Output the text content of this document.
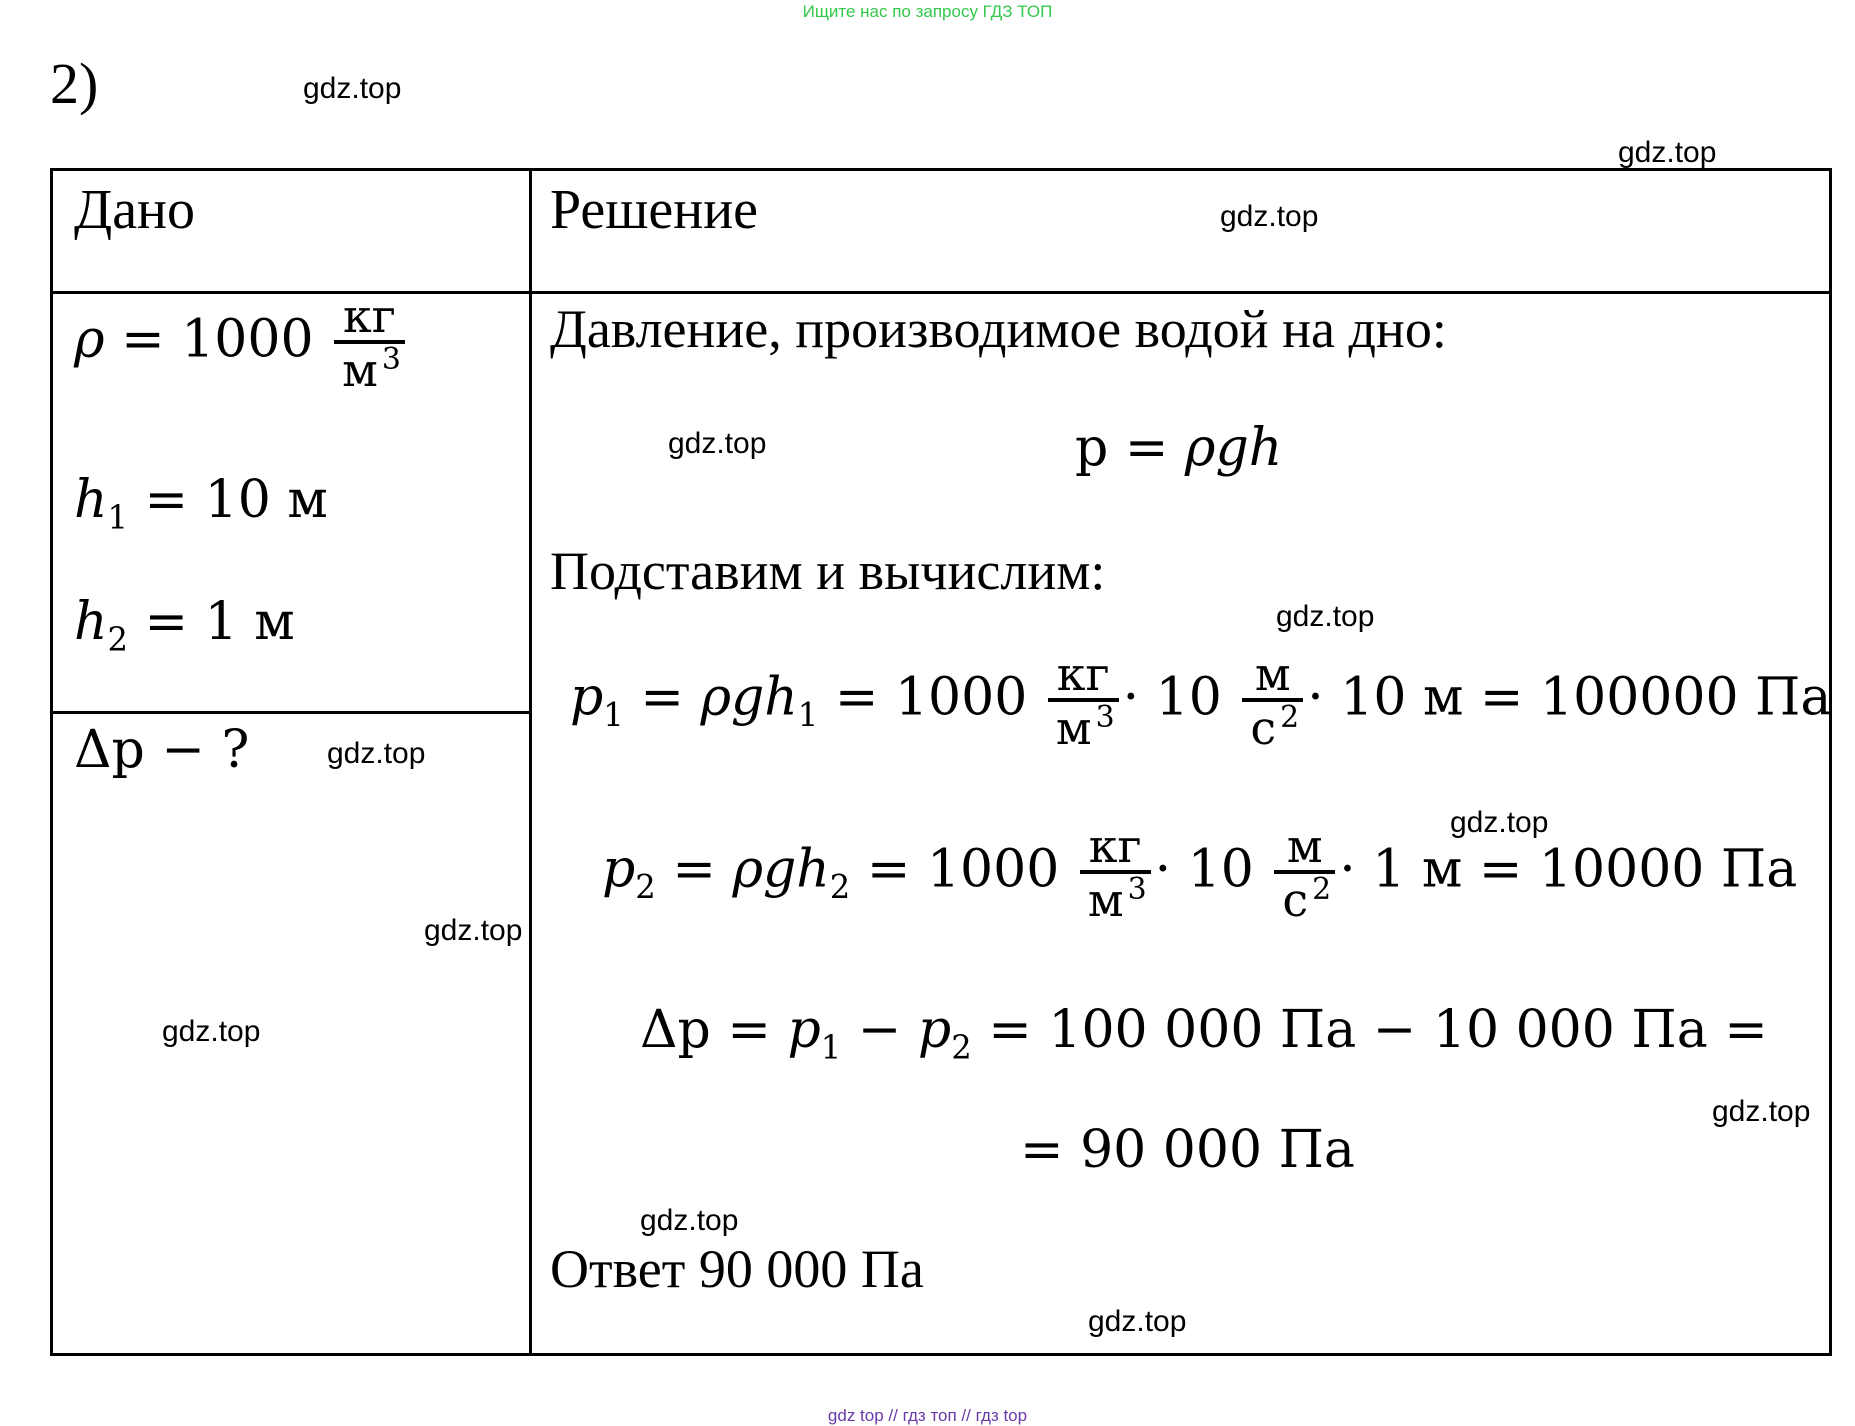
Ищите нас по запросу ГДЗ ТОП
2)
Дано	Решение
$\rho = 1000 \frac{кг}{м ^3}$
$h_1 = 10$ м
$h_2 = 1$ м
Δp − ?
Давление, производимое водой на дно:
p = ρgh
Подставим и вычислим:
$p_1 = \rho gh_1 = 1000 \frac{кг}{м ^3} \cdot 10 \frac{м}{с ^2} \cdot 10$ м = 100000 Па
$p_2 = \rho gh_2 = 1000 \frac{кг}{м ^3} \cdot 10 \frac{м}{с ^2} \cdot 1$ м = 10000 Па
$\Delta p = p_1 - p_2 = 100$ 000 Па − 10 000 Па =
= 90 000 Па
Ответ 90 000 Па
gdz.top
gdz.top
gdz.top
gdz.top
gdz.top
gdz.top
gdz.top
gdz.top
gdz.top
gdz.top
gdz.top
gdz.top
gdz top // гдз топ // гдз top
